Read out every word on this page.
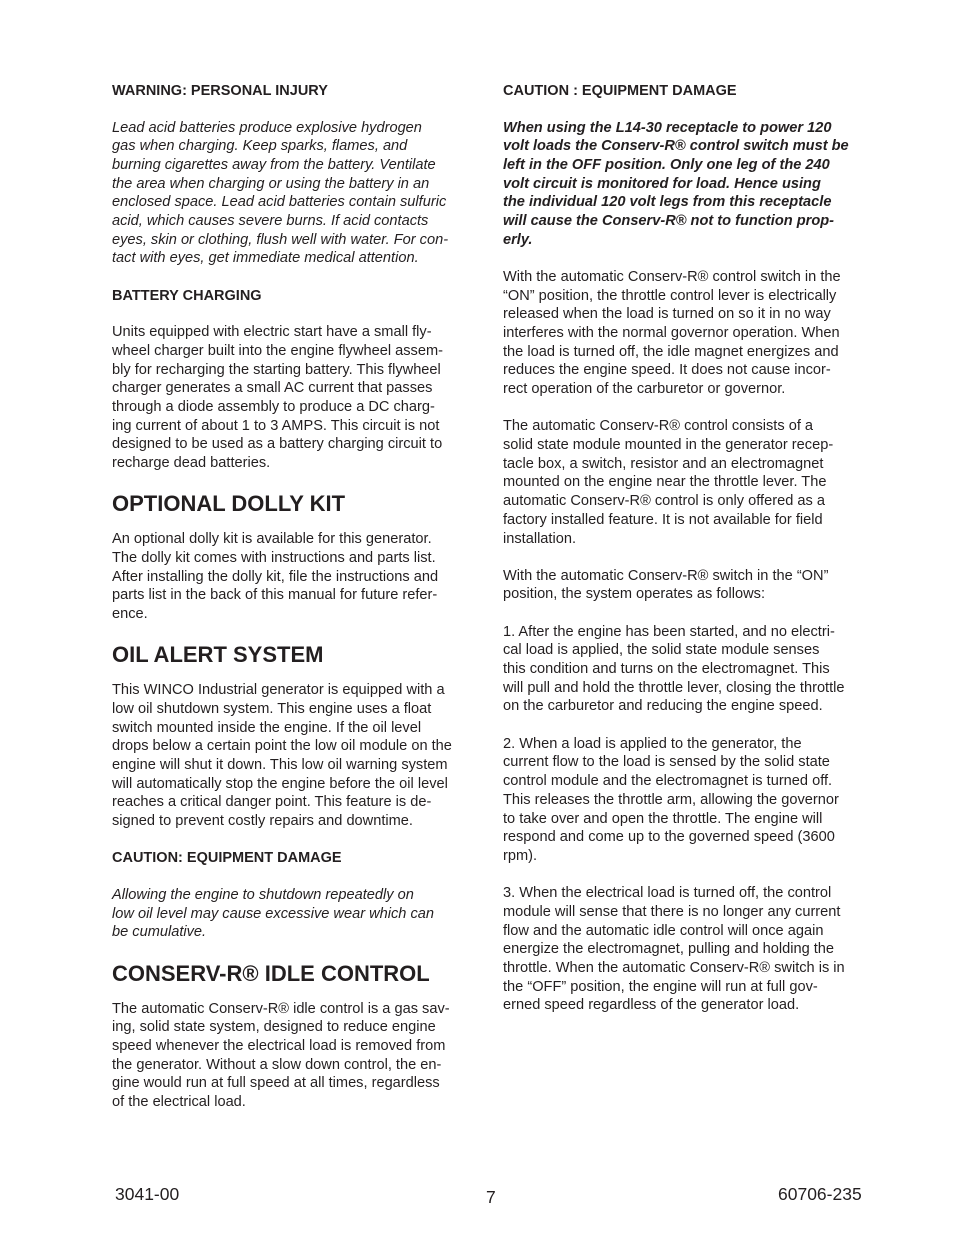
WARNING: PERSONAL INJURY
Lead acid batteries produce explosive hydrogen
gas when charging. Keep sparks, flames, and
burning cigarettes away from the battery. Ventilate
the area when charging or using the battery in an
enclosed space. Lead acid batteries contain sulfuric
acid, which causes severe burns. If acid contacts
eyes, skin or clothing, flush well with water. For con-
tact with eyes, get immediate medical attention.
BATTERY CHARGING
Units equipped with electric start have a small fly-
wheel charger built into the engine flywheel assem-
bly for recharging the starting battery. This flywheel
charger generates a small AC current that passes
through a diode assembly to produce a DC charg-
ing current of about 1 to 3 AMPS. This circuit is not
designed to be used as a battery charging circuit to
recharge dead batteries.
OPTIONAL DOLLY KIT
An optional dolly kit is available for this generator.
The dolly kit comes with instructions and parts list.
After installing the dolly kit, file the instructions and
parts list in the back of this manual for future refer-
ence.
OIL ALERT SYSTEM
This WINCO Industrial generator is equipped with a
low oil shutdown system. This engine uses a float
switch mounted inside the engine. If the oil level
drops below a certain point the low oil module on the
engine will shut it down. This low oil warning system
will automatically stop the engine before the oil level
reaches a critical danger point. This feature is de-
signed to prevent costly repairs and downtime.
CAUTION: EQUIPMENT DAMAGE
Allowing the engine to shutdown repeatedly on
low oil level may cause excessive wear which can
be cumulative.
CONSERV-R® IDLE CONTROL
The automatic Conserv-R® idle control is a gas sav-
ing, solid state system, designed to reduce engine
speed whenever the electrical load is removed from
the generator. Without a slow down control, the en-
gine would run at full speed at all times, regardless
of the electrical load.
CAUTION : EQUIPMENT DAMAGE
When using the L14-30 receptacle to power 120
volt loads the Conserv-R® control switch must be
left in the OFF position. Only one leg of the 240
volt circuit is monitored for load. Hence using
the individual 120 volt legs from this receptacle
will cause the Conserv-R® not to function prop-
erly.
With the automatic Conserv-R® control switch in the
“ON” position, the throttle control lever is electrically
released when the load is turned on so it in no way
interferes with the normal governor operation. When
the load is turned off, the idle magnet energizes and
reduces the engine speed. It does not cause incor-
rect operation of the carburetor or governor.
The automatic Conserv-R® control consists of a
solid state module mounted in the generator recep-
tacle box, a switch, resistor and an electromagnet
mounted on the engine near the throttle lever. The
automatic Conserv-R® control is only offered as a
factory installed feature. It is not available for field
installation.
With the automatic Conserv-R® switch in the “ON”
position, the system operates as follows:
1. After the engine has been started, and no electri-
cal load is applied, the solid state module senses
this condition and turns on the electromagnet. This
will pull and hold the throttle lever, closing the throttle
on the carburetor and reducing the engine speed.
2. When a load is applied to the generator, the
current flow to the load is sensed by the solid state
control module and the electromagnet is turned off.
This releases the throttle arm, allowing the governor
to take over and open the throttle. The engine will
respond and come up to the governed speed (3600
rpm).
3. When the electrical load is turned off, the control
module will sense that there is no longer any current
flow and the automatic idle control will once again
energize the electromagnet, pulling and holding the
throttle. When the automatic Conserv-R® switch is in
the “OFF” position, the engine will run at full gov-
erned speed regardless of the generator load.
3041-00	7	60706-235
